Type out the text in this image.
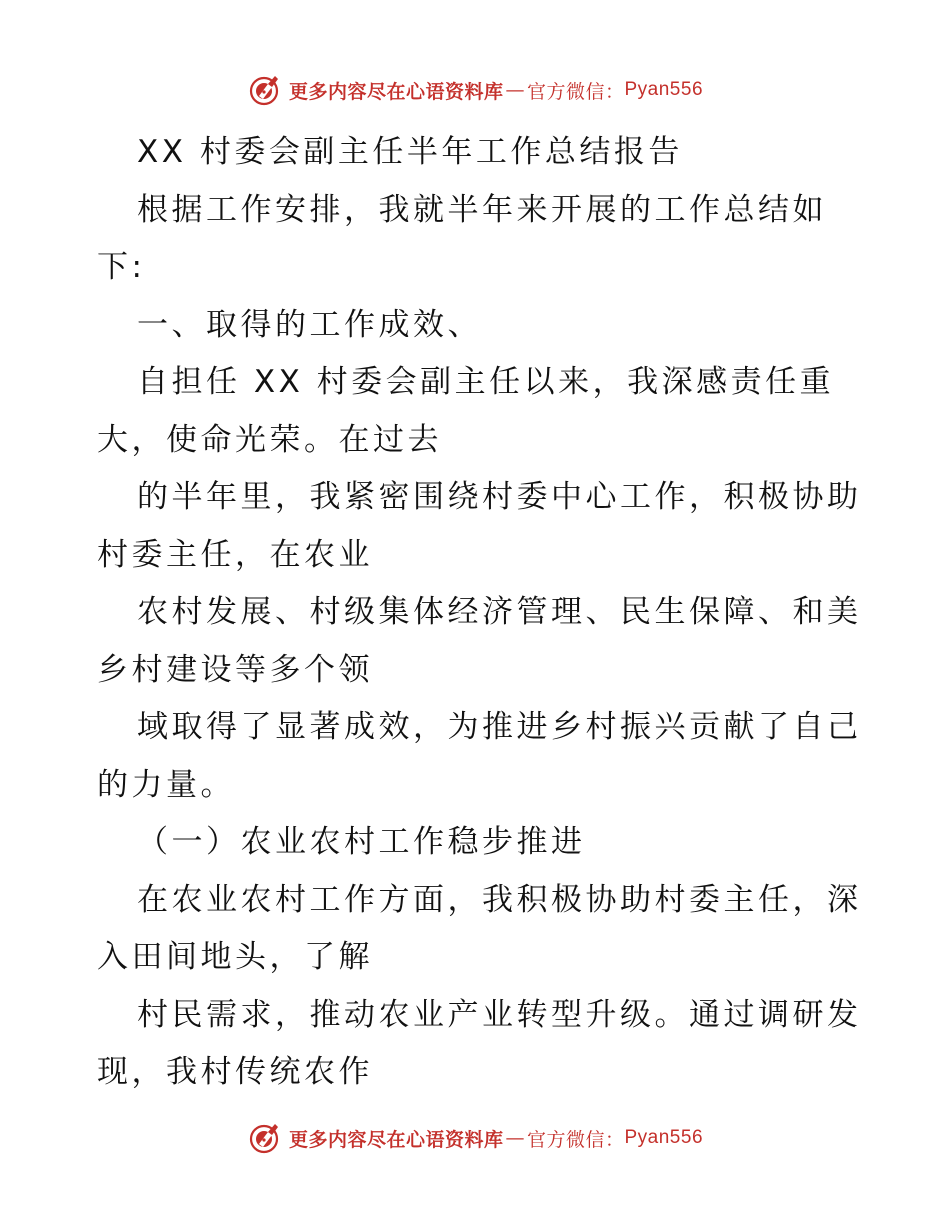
更多内容尽在心语资料库 — 官方微信： Pyan556
XX 村委会副主任半年工作总结报告
根据工作安排，我就半年来开展的工作总结如
下:
一、取得的工作成效、
自担任 XX 村委会副主任以来，我深感责任重
大，使命光荣。在过去
的半年里，我紧密围绕村委中心工作，积极协助
村委主任，在农业
农村发展、村级集体经济管理、民生保障、和美
乡村建设等多个领
域取得了显著成效，为推进乡村振兴贡献了自己
的力量。
（一）农业农村工作稳步推进
在农业农村工作方面，我积极协助村委主任，深
入田间地头，了解
村民需求，推动农业产业转型升级。通过调研发
现，我村传统农作
更多内容尽在心语资料库 — 官方微信： Pyan556
